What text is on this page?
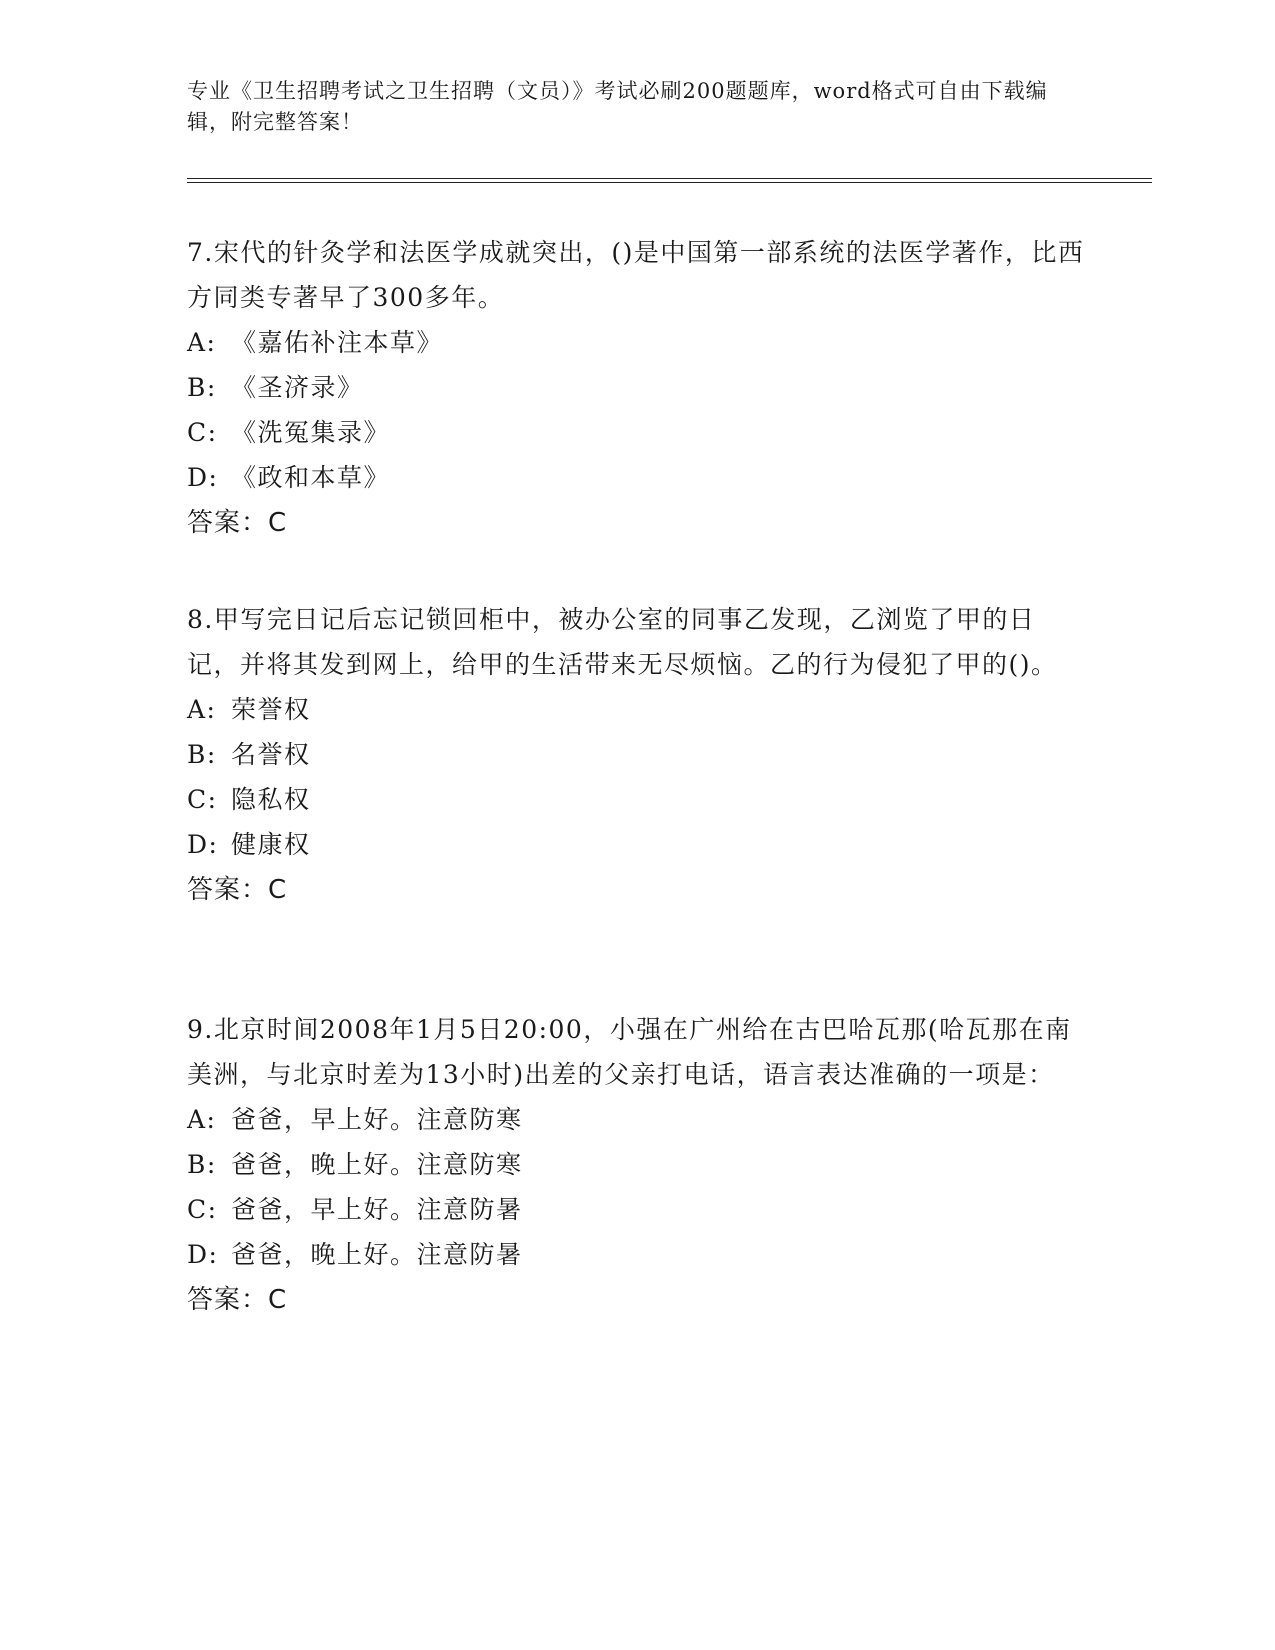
专业《卫生招聘考试之卫生招聘（文员）》考试必刷200题题库，word格式可自由下载编辑，附完整答案！

7.宋代的针灸学和法医学成就突出，()是中国第一部系统的法医学著作，比西方同类专著早了300多年。

A: 《嘉佑补注本草》

B: 《圣济录》

C: 《洗冤集录》

D: 《政和本草》

答案：C

8.甲写完日记后忘记锁回柜中，被办公室的同事乙发现，乙浏览了甲的日记，并将其发到网上，给甲的生活带来无尽烦恼。乙的行为侵犯了甲的()。

A: 荣誉权

B: 名誉权

C: 隐私权

D: 健康权

答案：C

9.北京时间2008年1月5日20:00，小强在广州给在古巴哈瓦那(哈瓦那在南美洲，与北京时差为13小时)出差的父亲打电话，语言表达准确的一项是：

A: 爸爸，早上好。注意防寒

B: 爸爸，晚上好。注意防寒

C: 爸爸，早上好。注意防暑

D: 爸爸，晚上好。注意防暑

答案：C
